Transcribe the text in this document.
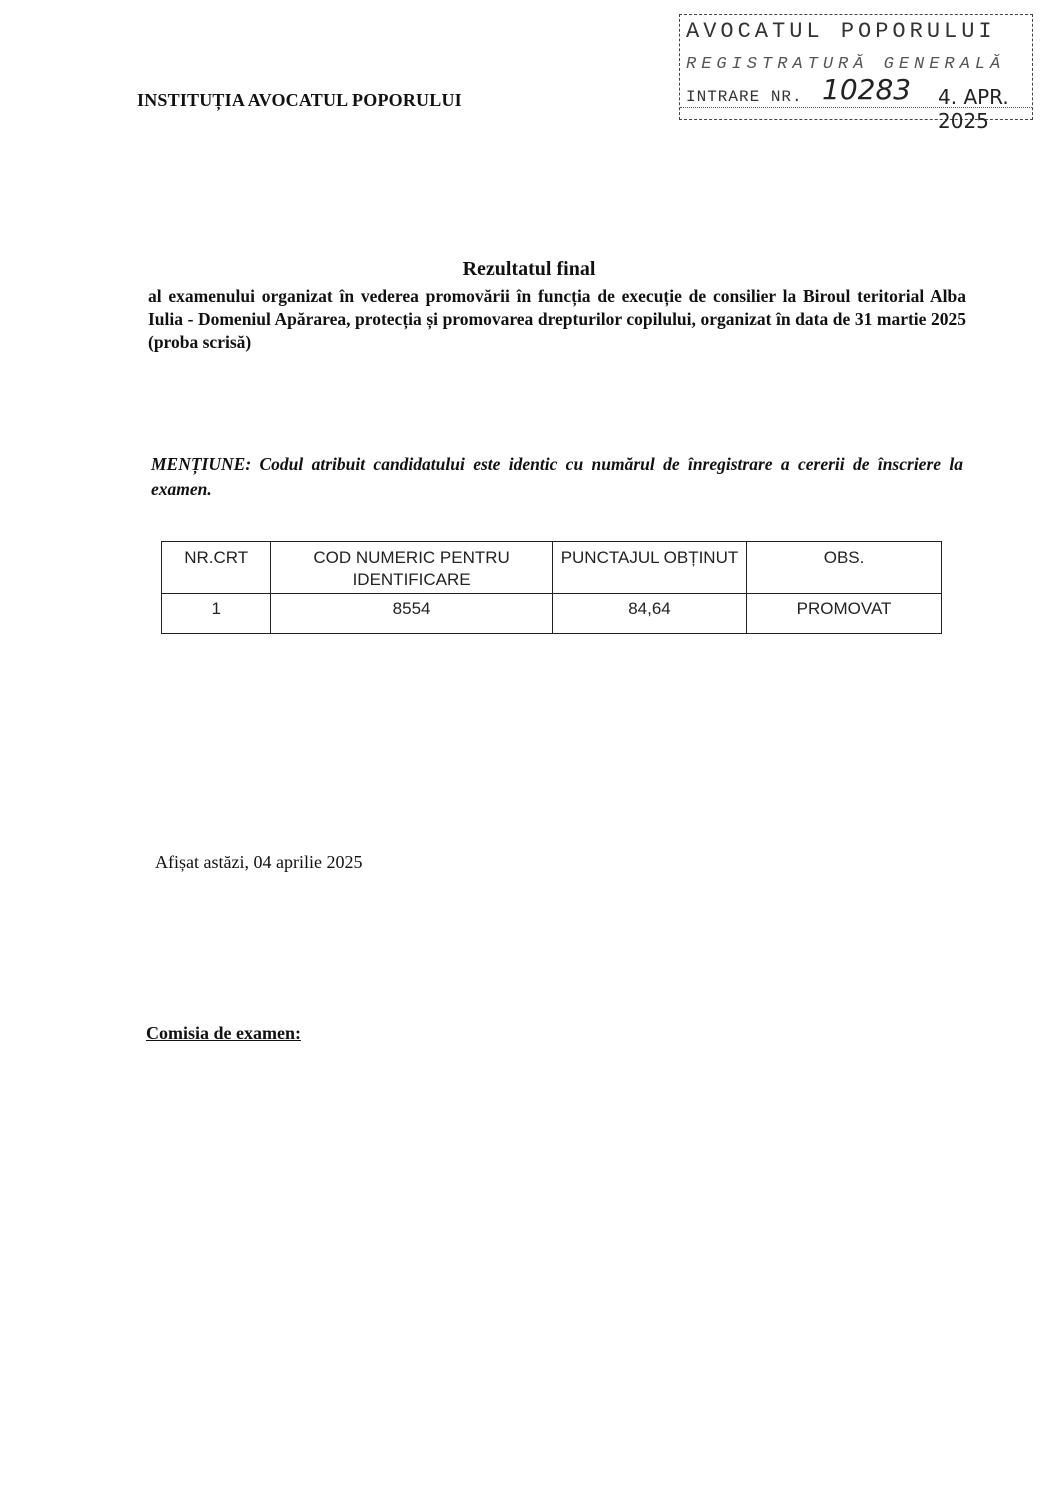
INSTITUȚIA AVOCATUL POPORULUI
AVOCATUL POPORULUI
REGISTRATURĂ GENERALĂ
INTRARE NR. 10283 4. APR. 2025
Rezultatul final
al examenului organizat în vederea promovării în funcția de execuție de consilier la Biroul teritorial Alba Iulia - Domeniul Apărarea, protecția și promovarea drepturilor copilului, organizat în data de 31 martie 2025 (proba scrisă)
MENȚIUNE: Codul atribuit candidatului este identic cu numărul de înregistrare a cererii de înscriere la examen.
NR.CRT	COD NUMERIC PENTRU IDENTIFICARE	PUNCTAJUL OBȚINUT	OBS.
1	8554	84,64	PROMOVAT
Afișat astăzi, 04 aprilie 2025
Comisia de examen:
